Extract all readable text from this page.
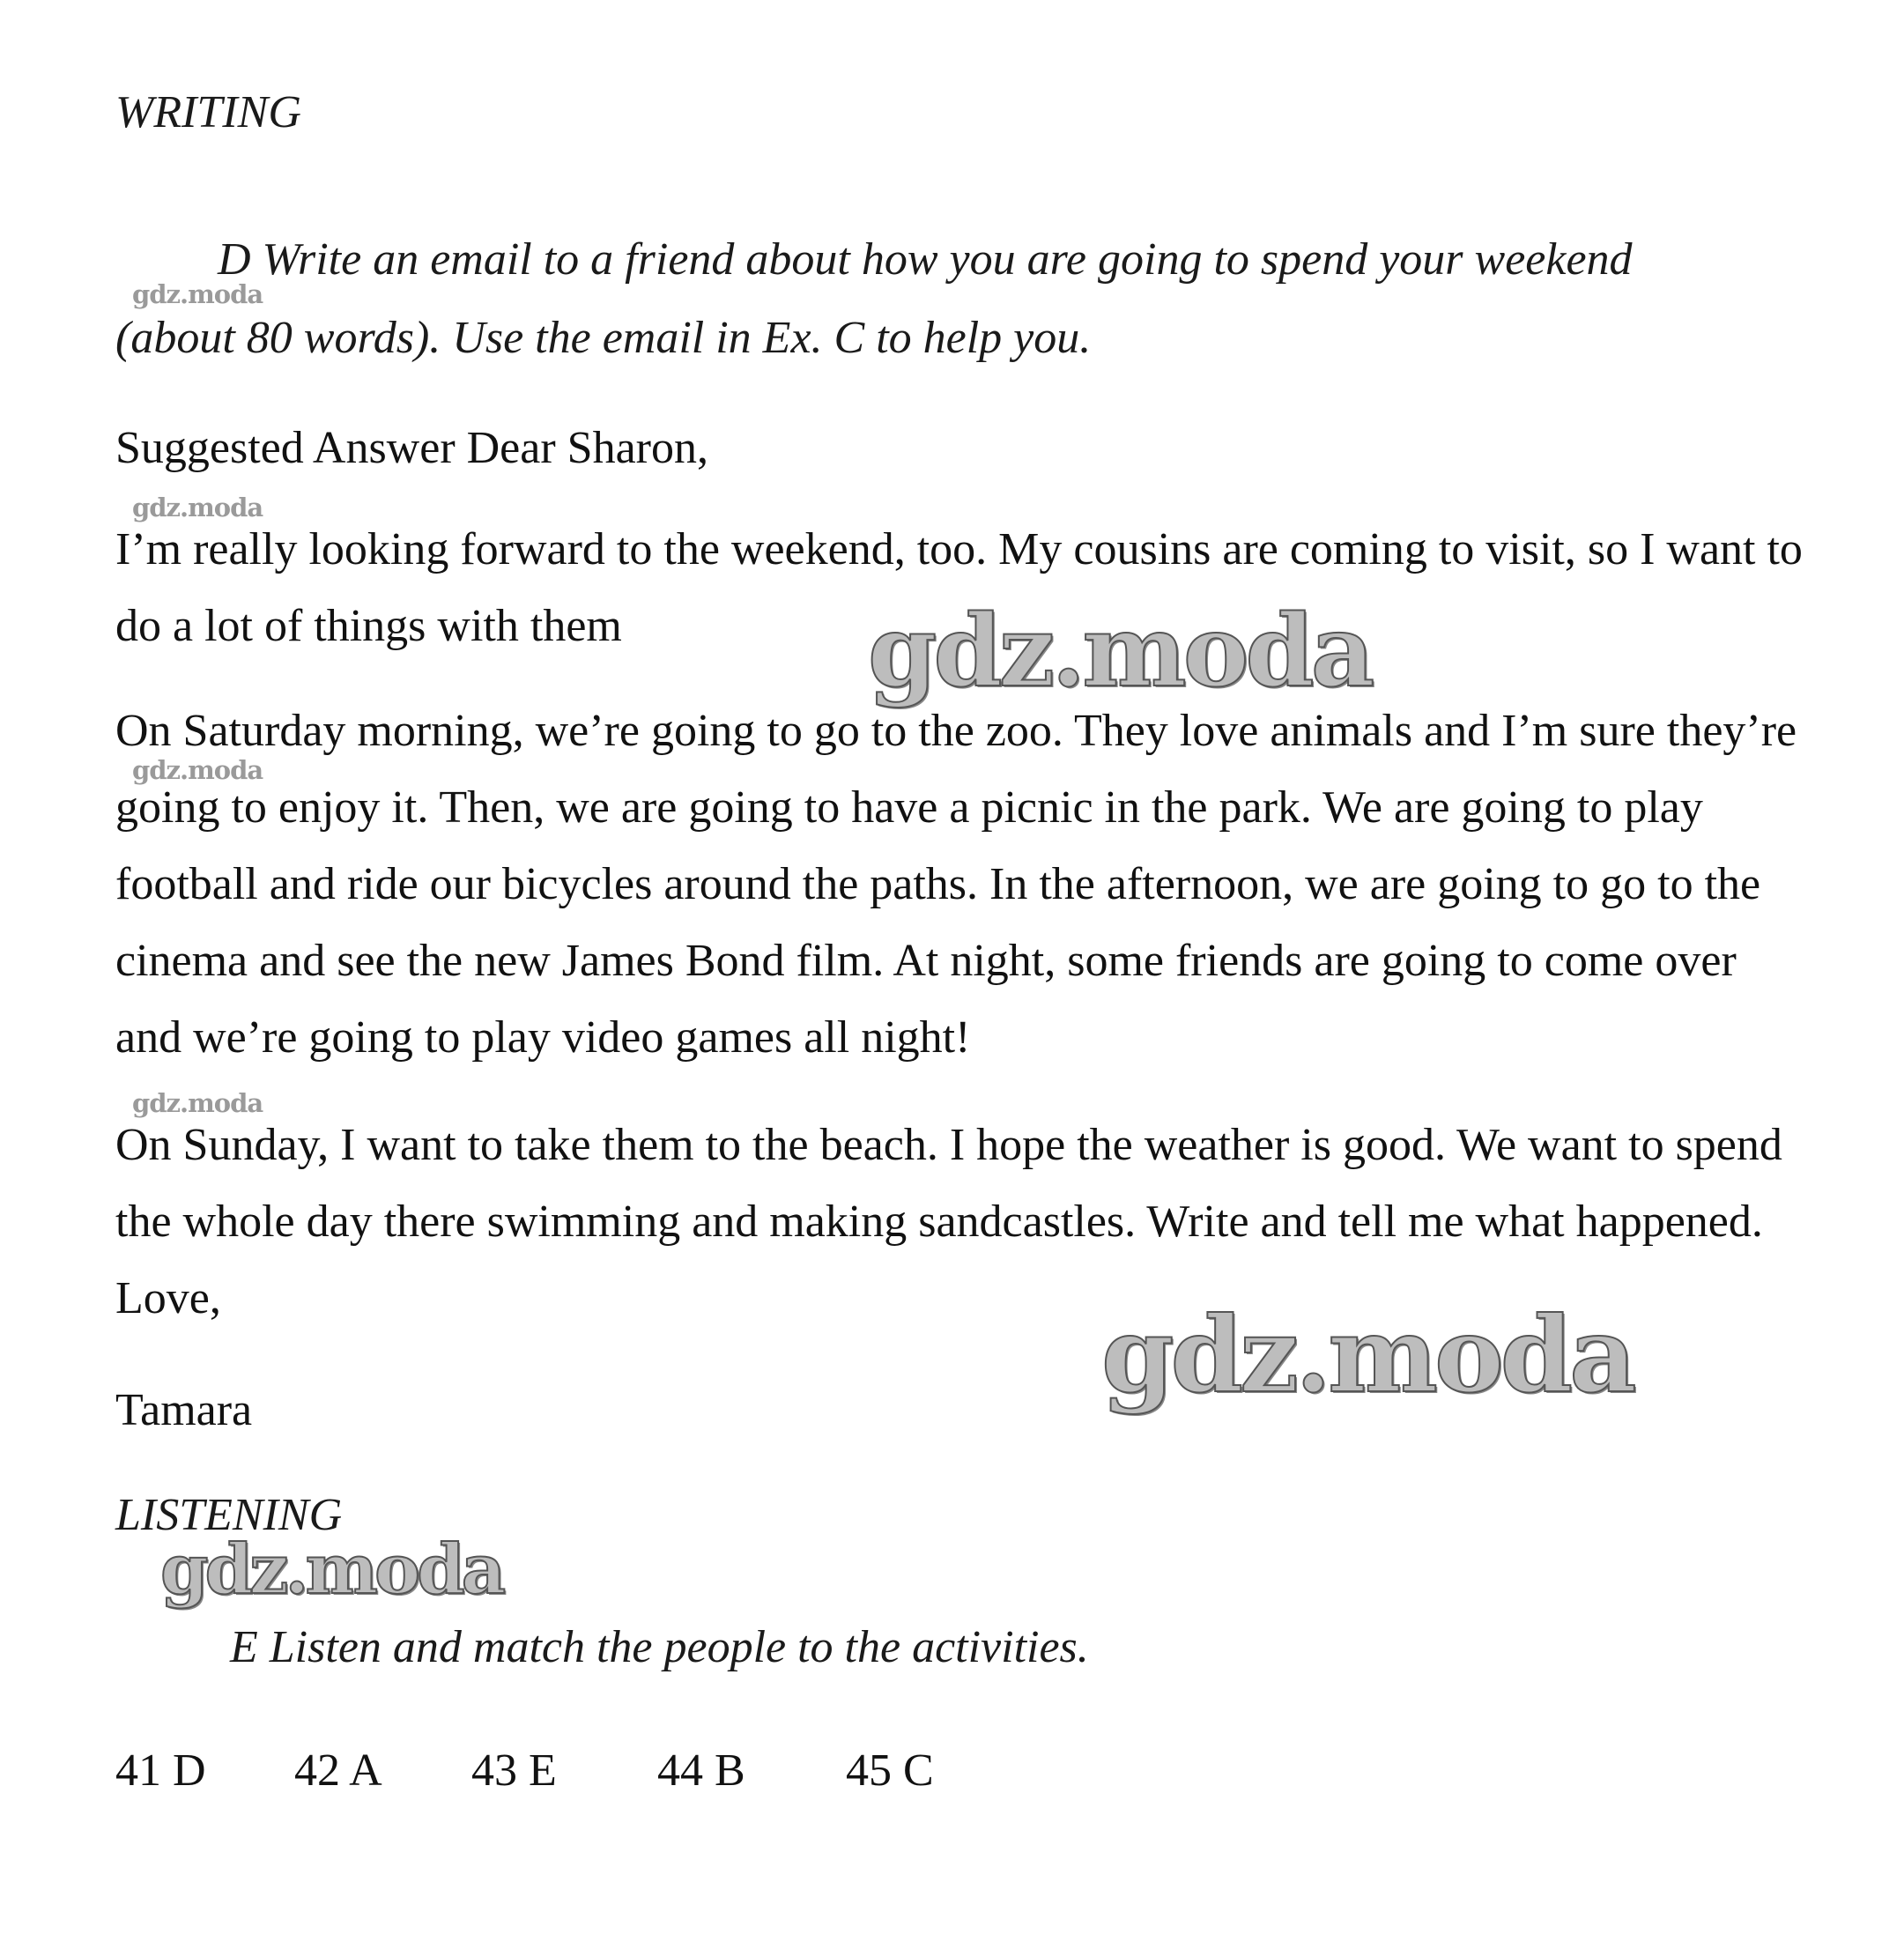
WRITING
D Write an email to a friend about how you are going to spend your weekend
(about 80 words). Use the email in Ex. C to help you.
Suggested Answer Dear Sharon,
I’m really looking forward to the weekend, too. My cousins are coming to visit, so I want to do a lot of things with them
On Saturday morning, we’re going to go to the zoo. They love animals and I’m sure they’re going to enjoy it. Then, we are going to have a picnic in the park. We are going to play football and ride our bicycles around the paths. In the afternoon, we are going to go to the cinema and see the new James Bond film. At night, some friends are going to come over and we’re going to play video games all night!
On Sunday, I want to take them to the beach. I hope the weather is good. We want to spend the whole day there swimming and making sandcastles. Write and tell me what happened. Love,
Tamara
LISTENING
E Listen and match the people to the activities.
41 D	42 A	43 E	44 B	45 C
gdz.moda
gdz.moda
gdz.moda
gdz.moda
gdz.moda
gdz.moda
gdz.moda
